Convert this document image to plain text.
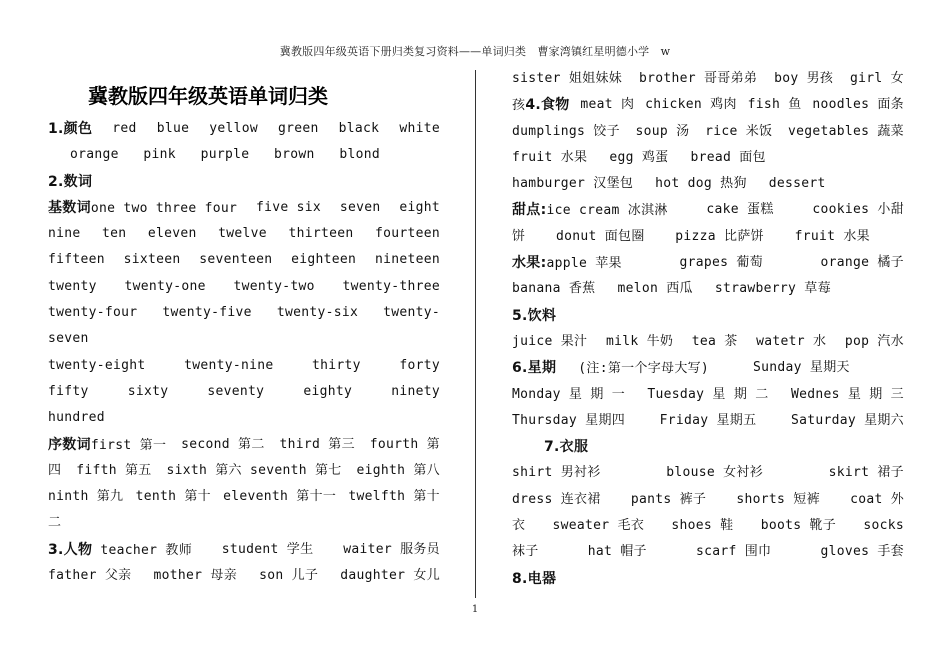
冀教版四年级英语下册归类复习资料——单词归类　曹家湾镇红星明德小学　w
冀教版四年级英语单词归类
1.颜色 red blue yellow green black white
orange pink purple brown blond
2.数词
基数词one two three four five six seven eight
nine ten eleven twelve thirteen fourteen
fifteen sixteen seventeen eighteen nineteen
twenty twenty-one twenty-two twenty-three
twenty-four twenty-five twenty-six twenty-
seven
twenty-eight	twenty-nine	thirty	forty
fifty	sixty	seventy	eighty	ninety
hundred
序数词first 第一 second 第二 third 第三 fourth 第
四 fifth 第五 sixth 第六 seventh 第七 eighth 第八
ninth 第九 tenth 第十 eleventh 第十一 twelfth 第十
二
3.人物 teacher 教师 student 学生 waiter 服务员
father 父亲 mother 母亲 son 儿子 daughter 女儿
sister 姐姐妹妹 brother 哥哥弟弟 boy 男孩 girl 女
孩4.食物 meat 肉 chicken 鸡肉 fish 鱼 noodles 面条
dumplings 饺子 soup 汤 rice 米饭 vegetables 蔬菜
fruit 水果 egg 鸡蛋 bread 面包
hamburger 汉堡包 hot dog 热狗 dessert
甜点:ice cream 冰淇淋	cake 蛋糕	cookies 小甜
饼 donut 面包圈 pizza 比萨饼 fruit 水果
水果:apple 苹果	grapes 葡萄	orange 橘子
banana 香蕉 melon 西瓜 strawberry 草莓
5.饮料
juice 果汁 milk 牛奶 tea 茶 watetr 水 pop 汽水
6.星期 (注:第一个字母大写)	Sunday 星期天
Monday 星 期 一 Tuesday 星 期 二 Wednes 星 期 三
Thursday 星期四	Friday 星期五	Saturday 星期六
7.衣服
shirt 男衬衫	blouse 女衬衫	skirt 裙子
dress 连衣裙 pants 裤子 shorts 短裤 coat 外
衣 sweater 毛衣 shoes 鞋 boots 靴子 socks
袜子	hat 帽子	scarf 围巾	gloves 手套
8.电器
1
